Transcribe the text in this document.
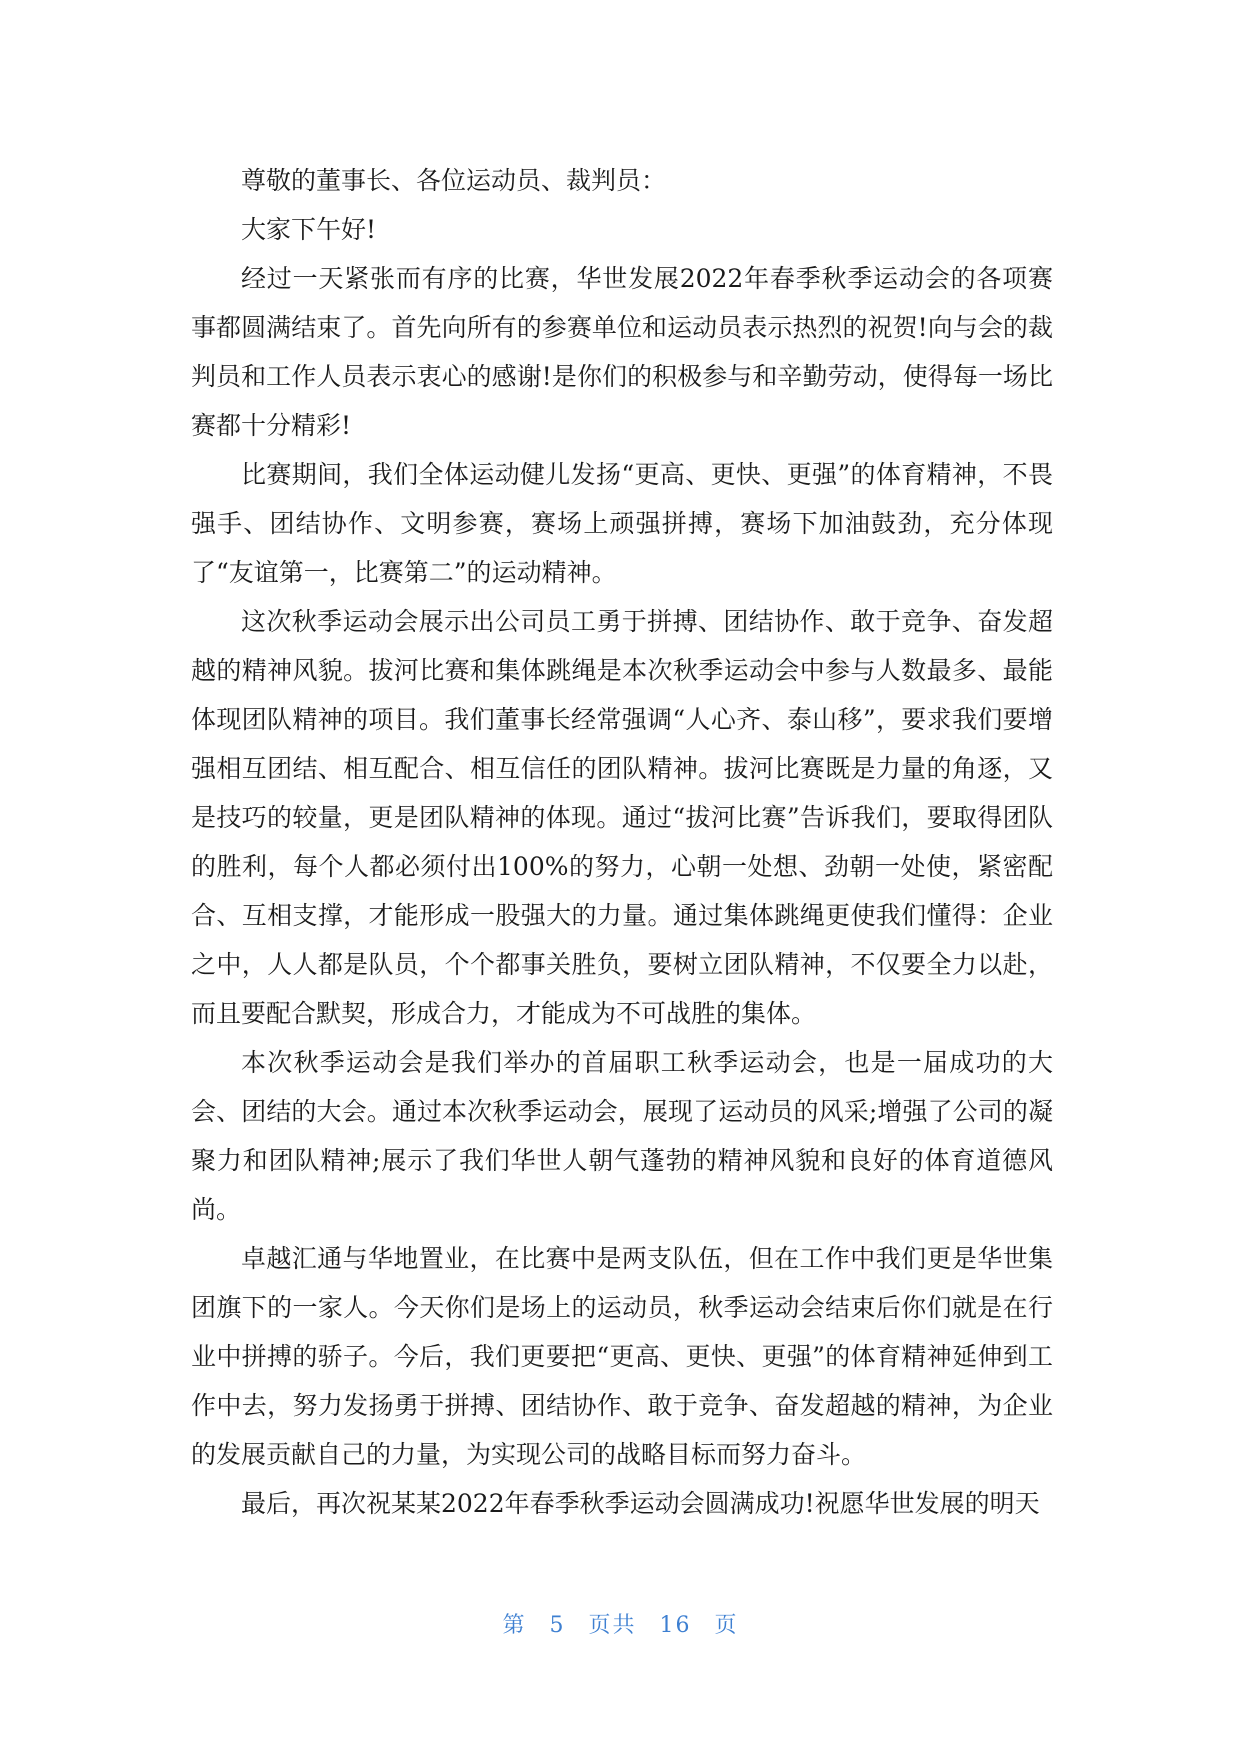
尊敬的董事长、各位运动员、裁判员：

大家下午好!

经过一天紧张而有序的比赛，华世发展2022年春季秋季运动会的各项赛事都圆满结束了。首先向所有的参赛单位和运动员表示热烈的祝贺!向与会的裁判员和工作人员表示衷心的感谢!是你们的积极参与和辛勤劳动，使得每一场比赛都十分精彩!

比赛期间，我们全体运动健儿发扬“更高、更快、更强”的体育精神，不畏强手、团结协作、文明参赛，赛场上顽强拼搏，赛场下加油鼓劲，充分体现了“友谊第一，比赛第二”的运动精神。

这次秋季运动会展示出公司员工勇于拼搏、团结协作、敢于竞争、奋发超越的精神风貌。拔河比赛和集体跳绳是本次秋季运动会中参与人数最多、最能体现团队精神的项目。我们董事长经常强调“人心齐、泰山移”，要求我们要增强相互团结、相互配合、相互信任的团队精神。拔河比赛既是力量的角逐，又是技巧的较量，更是团队精神的体现。通过“拔河比赛”告诉我们，要取得团队的胜利，每个人都必须付出100%的努力，心朝一处想、劲朝一处使，紧密配合、互相支撑，才能形成一股强大的力量。通过集体跳绳更使我们懂得：企业之中，人人都是队员，个个都事关胜负，要树立团队精神，不仅要全力以赴，而且要配合默契，形成合力，才能成为不可战胜的集体。

本次秋季运动会是我们举办的首届职工秋季运动会，也是一届成功的大会、团结的大会。通过本次秋季运动会，展现了运动员的风采;增强了公司的凝聚力和团队精神;展示了我们华世人朝气蓬勃的精神风貌和良好的体育道德风尚。

卓越汇通与华地置业，在比赛中是两支队伍，但在工作中我们更是华世集团旗下的一家人。今天你们是场上的运动员，秋季运动会结束后你们就是在行业中拼搏的骄子。今后，我们更要把“更高、更快、更强”的体育精神延伸到工作中去，努力发扬勇于拼搏、团结协作、敢于竞争、奋发超越的精神，为企业的发展贡献自己的力量，为实现公司的战略目标而努力奋斗。

最后，再次祝某某2022年春季秋季运动会圆满成功!祝愿华世发展的明天

第 5 页共 16 页
